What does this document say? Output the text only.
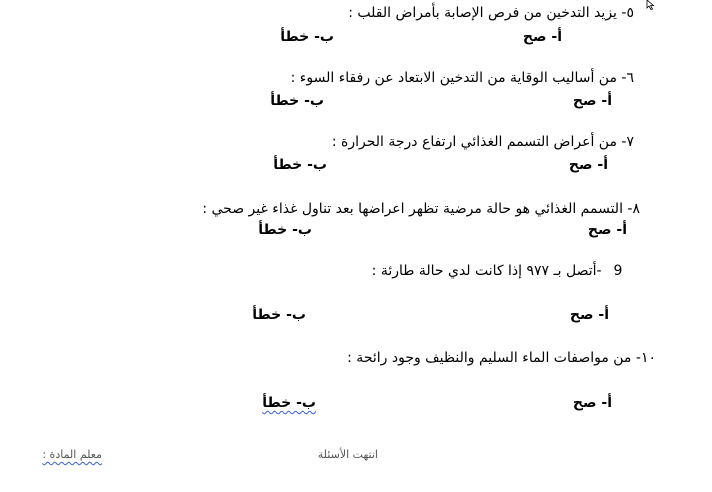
٥- يزيد التدخين من فرص الإصابة بأمراض القلب :
أ- صح
ب- خطأ
٦- من أساليب الوقاية من التدخين الابتعاد عن رفقاء السوء :
أ- صح
ب- خطأ
٧- من أعراض التسمم الغذائي ارتفاع درجة الحرارة :
أ- صح
ب- خطأ
٨- التسمم الغذائي هو حالة مرضية تظهر اعراضها بعد تناول غذاء غير صحي :
أ- صح
ب- خطأ
9 -أتصل بـ ٩٧٧ إذا كانت لدي حالة طارئة :
أ- صح
ب- خطأ
١٠- من مواصفات الماء السليم والنظيف وجود رائحة :
أ- صح
ب- خطأ
انتهت الأسئلة
معلم المادة :
